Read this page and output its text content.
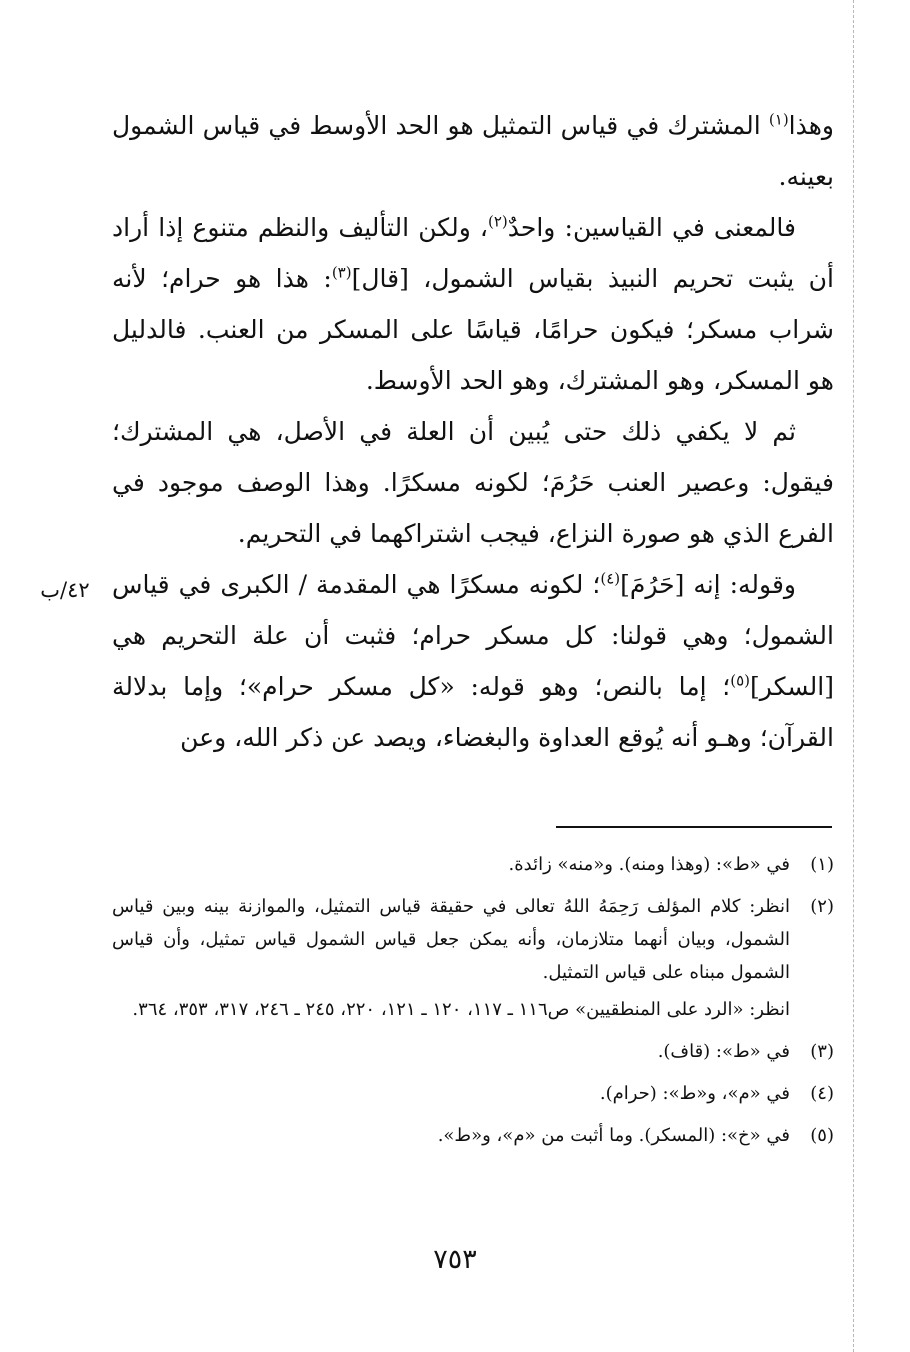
٤٢/ب

وهذا$^{(١)}$ المشترك في قياس التمثيل هو الحد الأوسط في قياس الشمول بعينه.

فالمعنى في القياسين: واحدٌ$^{(٢)}$، ولكن التأليف والنظم متنوع إذا أراد أن يثبت تحريم النبيذ بقياس الشمول، [قال]$^{(٣)}$: هذا هو حرام؛ لأنه شراب مسكر؛ فيكون حرامًا، قياسًا على المسكر من العنب. فالدليل هو المسكر، وهو المشترك، وهو الحد الأوسط.

ثم لا يكفي ذلك حتى يُبين أن العلة في الأصل، هي المشترك؛ فيقول: وعصير العنب حَرُمَ؛ لكونه مسكرًا. وهذا الوصف موجود في الفرع الذي هو صورة النزاع، فيجب اشتراكهما في التحريم.

وقوله: إنه [حَرُمَ]$^{(٤)}$؛ لكونه مسكرًا هي المقدمة / الكبرى في قياس الشمول؛ وهي قولنا: كل مسكر حرام؛ فثبت أن علة التحريم هي [السكر]$^{(٥)}$؛ إما بالنص؛ وهو قوله: «كل مسكر حرام»؛ وإما بدلالة القرآن؛ وهـو أنه يُوقع العداوة والبغضاء، ويصد عن ذكر الله، وعن

(١)
في «ط»: (وهذا ومنه). و«منه» زائدة.
(٢)
انظر: كلام المؤلف رَحِمَهُ اللهُ تعالى في حقيقة قياس التمثيل، والموازنة بينه وبين قياس الشمول، وبيان أنهما متلازمان، وأنه يمكن جعل قياس الشمول قياس تمثيل، وأن قياس الشمول مبناه على قياس التمثيل.
انظر: «الرد على المنطقيين» ص١١٦ ـ ١١٧، ١٢٠ ـ ١٢١، ٢٢٠، ٢٤٥ ـ ٢٤٦، ٣١٧، ٣٥٣، ٣٦٤.
(٣)
في «ط»: (قاف).
(٤)
في «م»، و«ط»: (حرام).
(٥)
في «خ»: (المسكر). وما أثبت من «م»، و«ط».
٧٥٣
